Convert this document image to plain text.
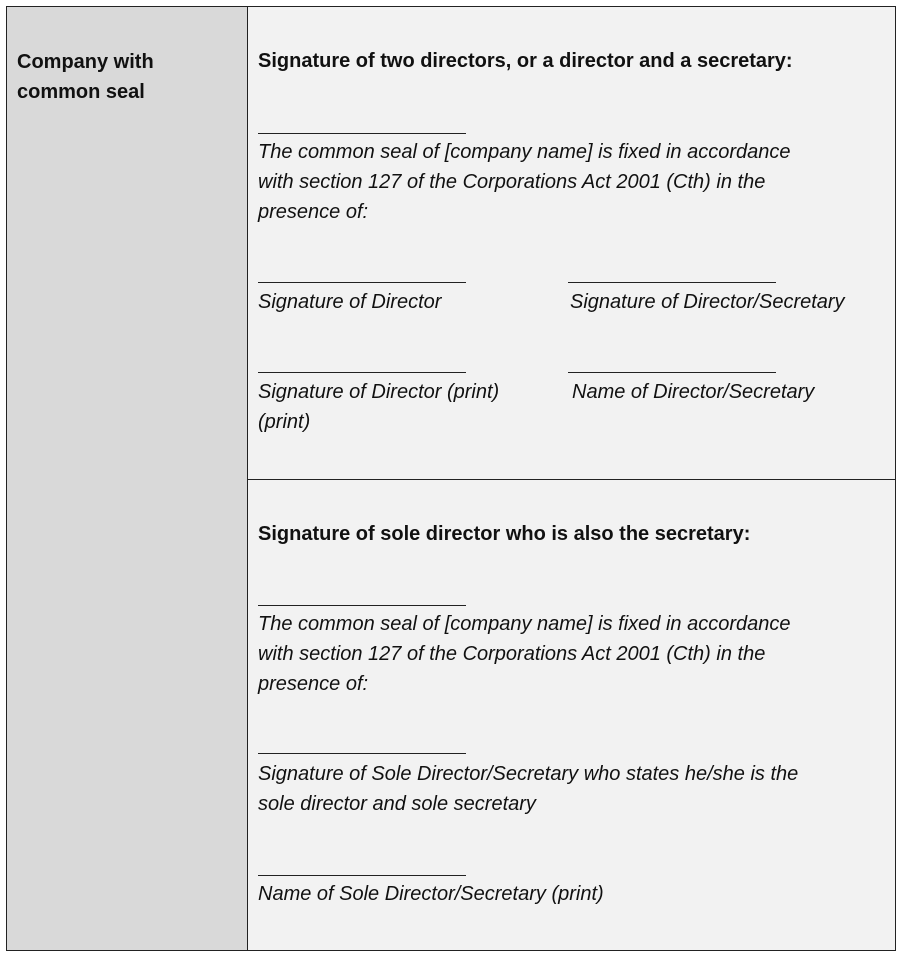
Company with
common seal
Signature of two directors, or a director and a secretary:
The common seal of [company name] is fixed in accordance
with section 127 of the Corporations Act 2001 (Cth) in the
presence of:
Signature of Director	Signature of Director/Secretary
Signature of Director (print)
(print)
Name of Director/Secretary
Signature of sole director who is also the secretary:
The common seal of [company name] is fixed in accordance
with section 127 of the Corporations Act 2001 (Cth) in the
presence of:
Signature of Sole Director/Secretary who states he/she is the
sole director and sole secretary
Name of Sole Director/Secretary (print)
